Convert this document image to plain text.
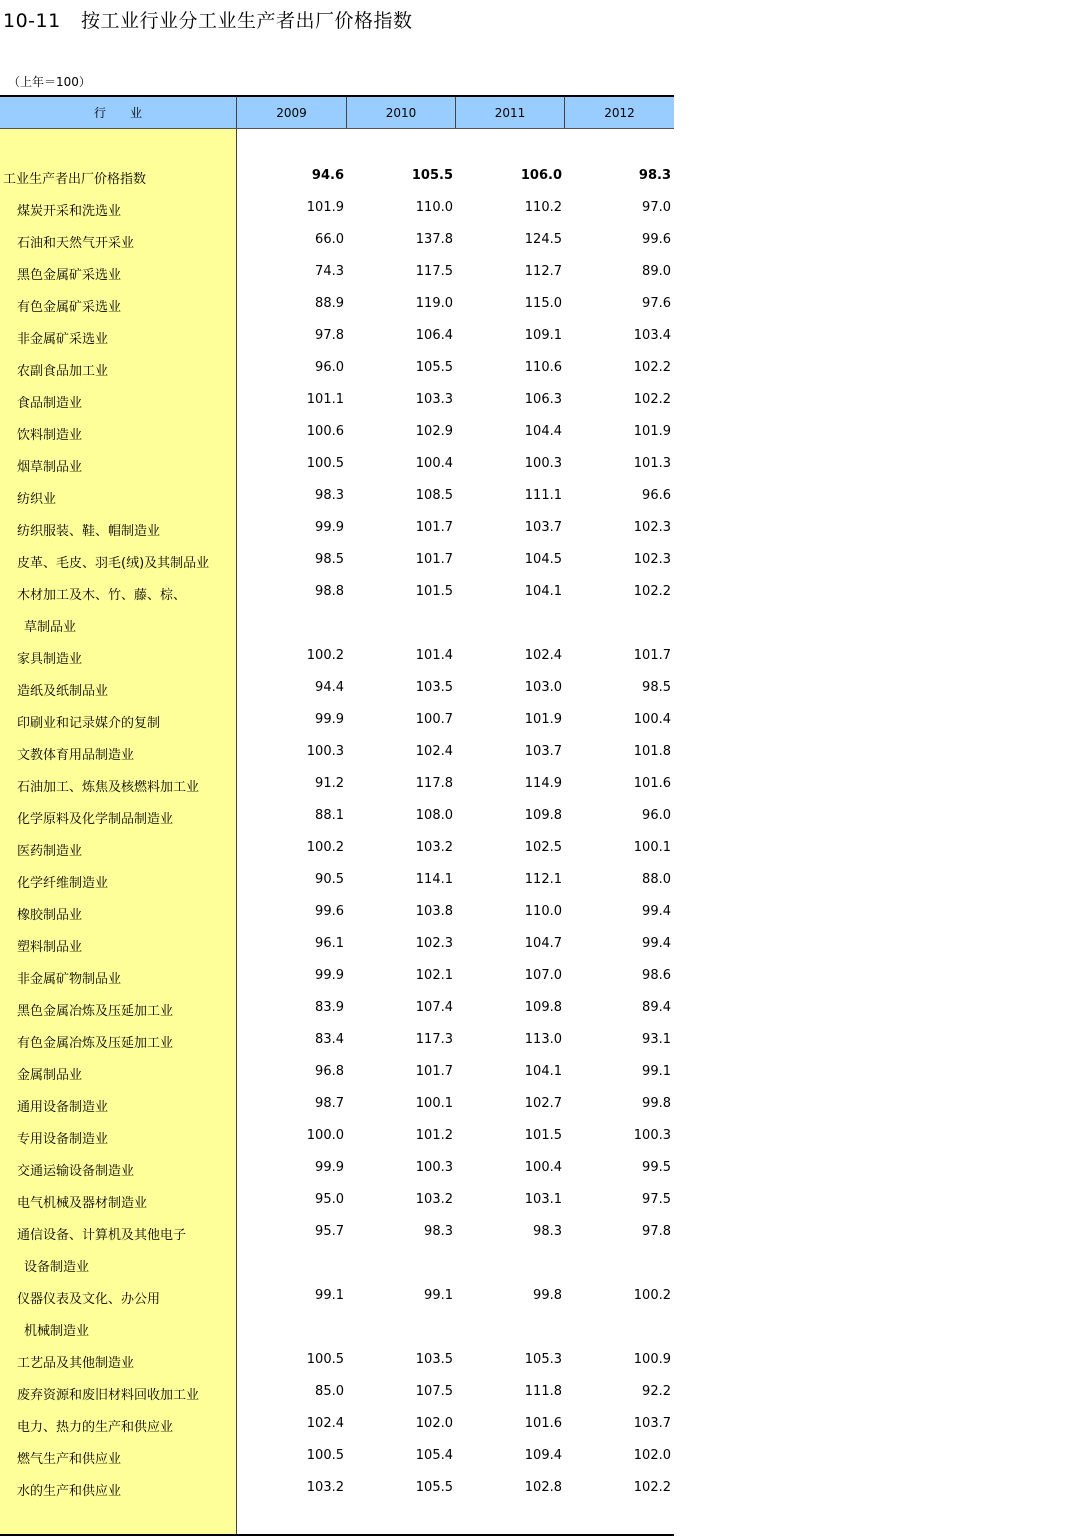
10-11 按工业行业分工业生产者出厂价格指数
（上年＝100）
行　　业	2009	2010	2011	2012
工业生产者出厂价格指数	94.6	105.5	106.0	98.3
煤炭开采和洗选业	101.9	110.0	110.2	97.0
石油和天然气开采业	66.0	137.8	124.5	99.6
黑色金属矿采选业	74.3	117.5	112.7	89.0
有色金属矿采选业	88.9	119.0	115.0	97.6
非金属矿采选业	97.8	106.4	109.1	103.4
农副食品加工业	96.0	105.5	110.6	102.2
食品制造业	101.1	103.3	106.3	102.2
饮料制造业	100.6	102.9	104.4	101.9
烟草制品业	100.5	100.4	100.3	101.3
纺织业	98.3	108.5	111.1	96.6
纺织服装、鞋、帽制造业	99.9	101.7	103.7	102.3
皮革、毛皮、羽毛(绒)及其制品业	98.5	101.7	104.5	102.3
木材加工及木、竹、藤、棕、	98.8	101.5	104.1	102.2
草制品业
家具制造业	100.2	101.4	102.4	101.7
造纸及纸制品业	94.4	103.5	103.0	98.5
印刷业和记录媒介的复制	99.9	100.7	101.9	100.4
文教体育用品制造业	100.3	102.4	103.7	101.8
石油加工、炼焦及核燃料加工业	91.2	117.8	114.9	101.6
化学原料及化学制品制造业	88.1	108.0	109.8	96.0
医药制造业	100.2	103.2	102.5	100.1
化学纤维制造业	90.5	114.1	112.1	88.0
橡胶制品业	99.6	103.8	110.0	99.4
塑料制品业	96.1	102.3	104.7	99.4
非金属矿物制品业	99.9	102.1	107.0	98.6
黑色金属冶炼及压延加工业	83.9	107.4	109.8	89.4
有色金属冶炼及压延加工业	83.4	117.3	113.0	93.1
金属制品业	96.8	101.7	104.1	99.1
通用设备制造业	98.7	100.1	102.7	99.8
专用设备制造业	100.0	101.2	101.5	100.3
交通运输设备制造业	99.9	100.3	100.4	99.5
电气机械及器材制造业	95.0	103.2	103.1	97.5
通信设备、计算机及其他电子	95.7	98.3	98.3	97.8
设备制造业
仪器仪表及文化、办公用	99.1	99.1	99.8	100.2
机械制造业
工艺品及其他制造业	100.5	103.5	105.3	100.9
废弃资源和废旧材料回收加工业	85.0	107.5	111.8	92.2
电力、热力的生产和供应业	102.4	102.0	101.6	103.7
燃气生产和供应业	100.5	105.4	109.4	102.0
水的生产和供应业	103.2	105.5	102.8	102.2
